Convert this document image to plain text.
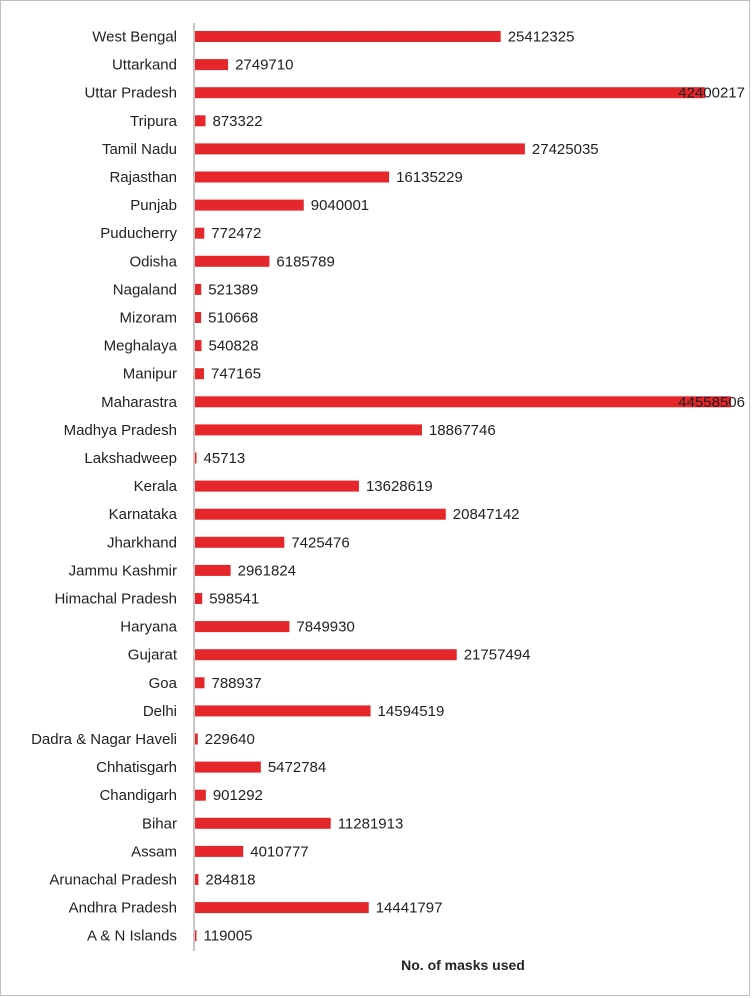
West Bengal	25412325
Uttarkand	2749710
Uttar Pradesh	42400217
Tripura 873322
Tamil Nadu	27425035
Rajasthan	16135229
Punjab	9040001
Puducherry 772472
Odisha	6185789
Nagaland 521389
Mizoram 510668
Meghalaya 540828
Manipur 747165
Maharastra	44558506
Madhya Pradesh	18867746
Lakshadweep 45713
Kerala	13628619
Karnataka	20847142
Jharkhand	7425476
Jammu Kashmir	2961824
Himachal Pradesh 598541
Haryana	7849930
Gujarat	21757494
Goa 788937
Delhi	14594519
Dadra & Nagar Haveli 229640
Chhatisgarh	5472784
Chandigarh 901292
Bihar	11281913
Assam	4010777
Arunachal Pradesh 284818
Andhra Pradesh	14441797
A & N Islands 119005
No. of masks used
